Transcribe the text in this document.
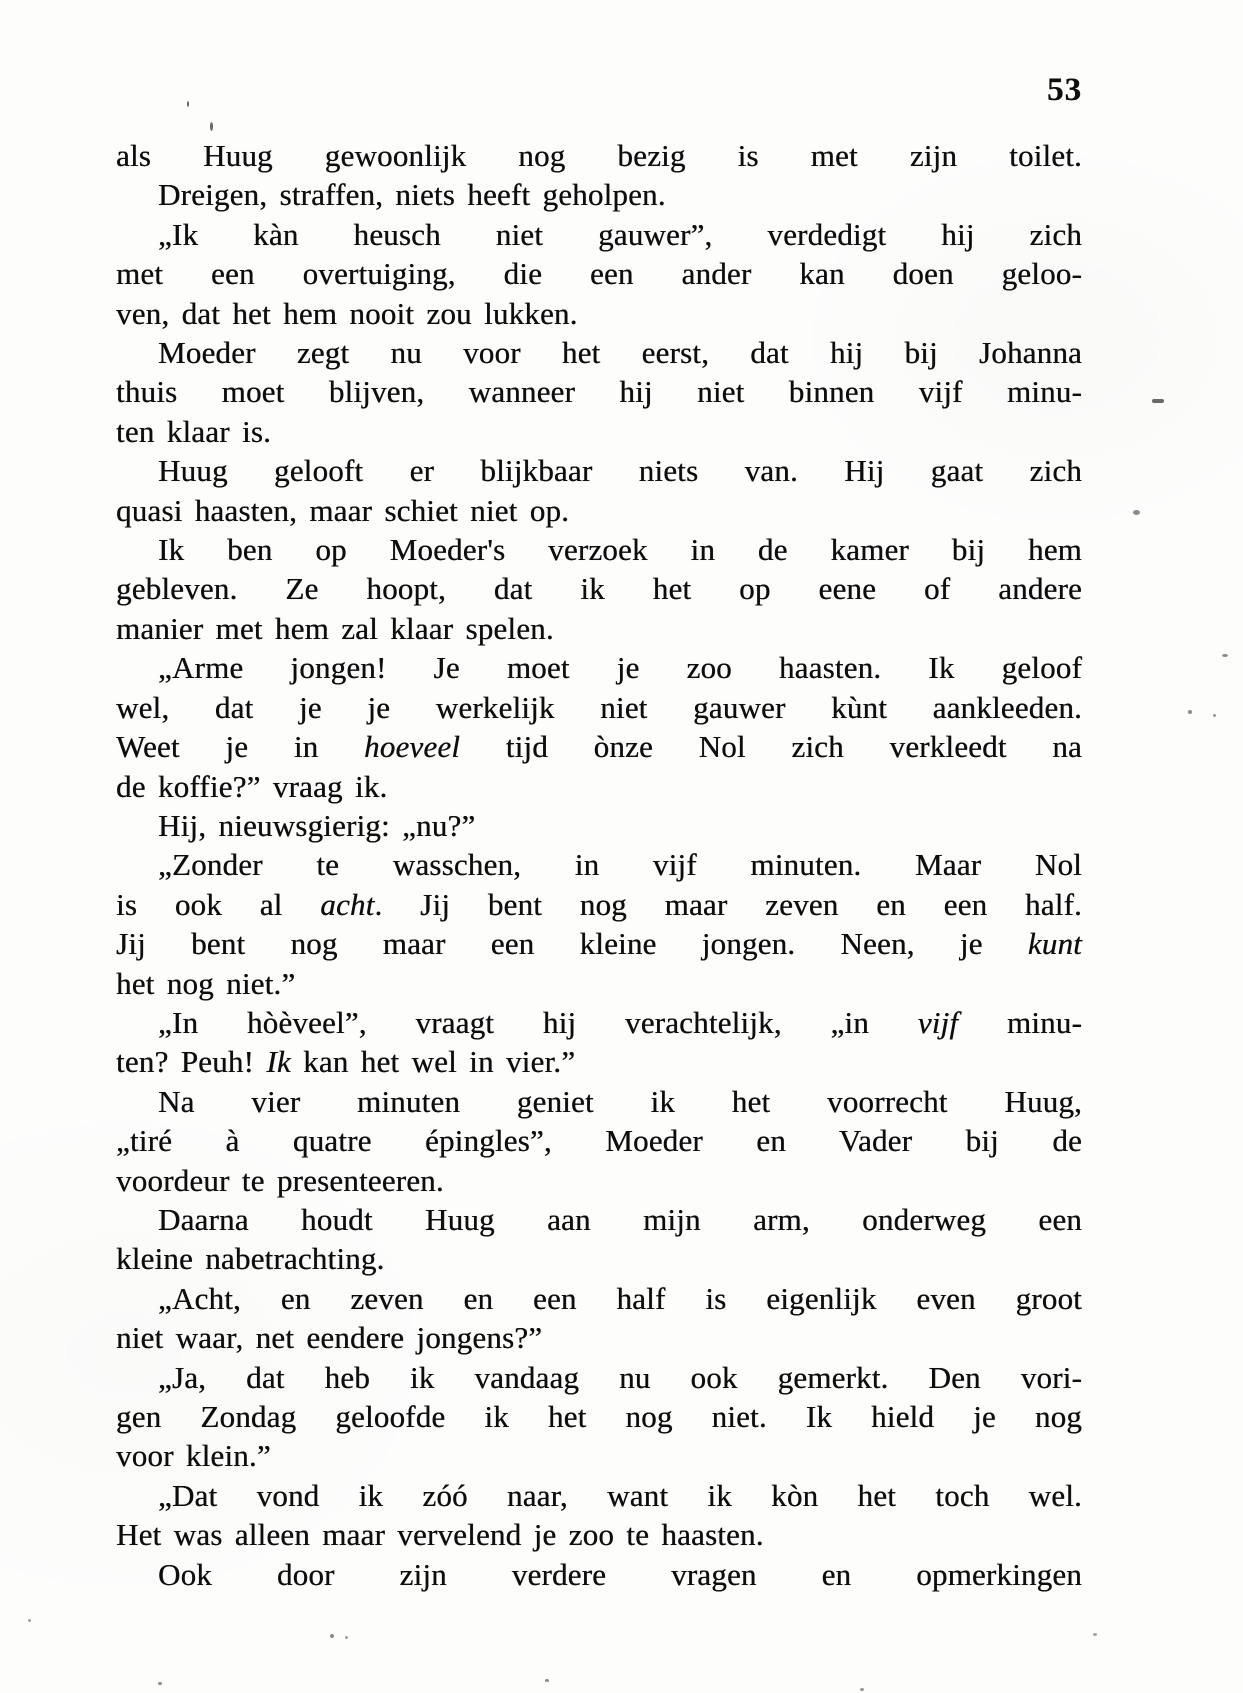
53
als Huug gewoonlijk nog bezig is met zijn toilet.
Dreigen, straffen, niets heeft geholpen.
„Ik kàn heusch niet gauwer”, verdedigt hij zich
met een overtuiging, die een ander kan doen geloo-
ven, dat het hem nooit zou lukken.
Moeder zegt nu voor het eerst, dat hij bij Johanna
thuis moet blijven, wanneer hij niet binnen vijf minu-
ten klaar is.
Huug gelooft er blijkbaar niets van. Hij gaat zich
quasi haasten, maar schiet niet op.
Ik ben op Moeder's verzoek in de kamer bij hem
gebleven. Ze hoopt, dat ik het op eene of andere
manier met hem zal klaar spelen.
„Arme jongen! Je moet je zoo haasten. Ik geloof
wel, dat je je werkelijk niet gauwer kùnt aankleeden.
Weet je in hoeveel tijd ònze Nol zich verkleedt na
de koffie?” vraag ik.
Hij, nieuwsgierig: „nu?”
„Zonder te wasschen, in vijf minuten. Maar Nol
is ook al acht. Jij bent nog maar zeven en een half.
Jij bent nog maar een kleine jongen. Neen, je kunt
het nog niet.”
„In hòèveel”, vraagt hij verachtelijk, „in vijf minu-
ten? Peuh! Ik kan het wel in vier.”
Na vier minuten geniet ik het voorrecht Huug,
„tiré à quatre épingles”, Moeder en Vader bij de
voordeur te presenteeren.
Daarna houdt Huug aan mijn arm, onderweg een
kleine nabetrachting.
„Acht, en zeven en een half is eigenlijk even groot
niet waar, net eendere jongens?”
„Ja, dat heb ik vandaag nu ook gemerkt. Den vori-
gen Zondag geloofde ik het nog niet. Ik hield je nog
voor klein.”
„Dat vond ik zóó naar, want ik kòn het toch wel.
Het was alleen maar vervelend je zoo te haasten.
Ook door zijn verdere vragen en opmerkingen
